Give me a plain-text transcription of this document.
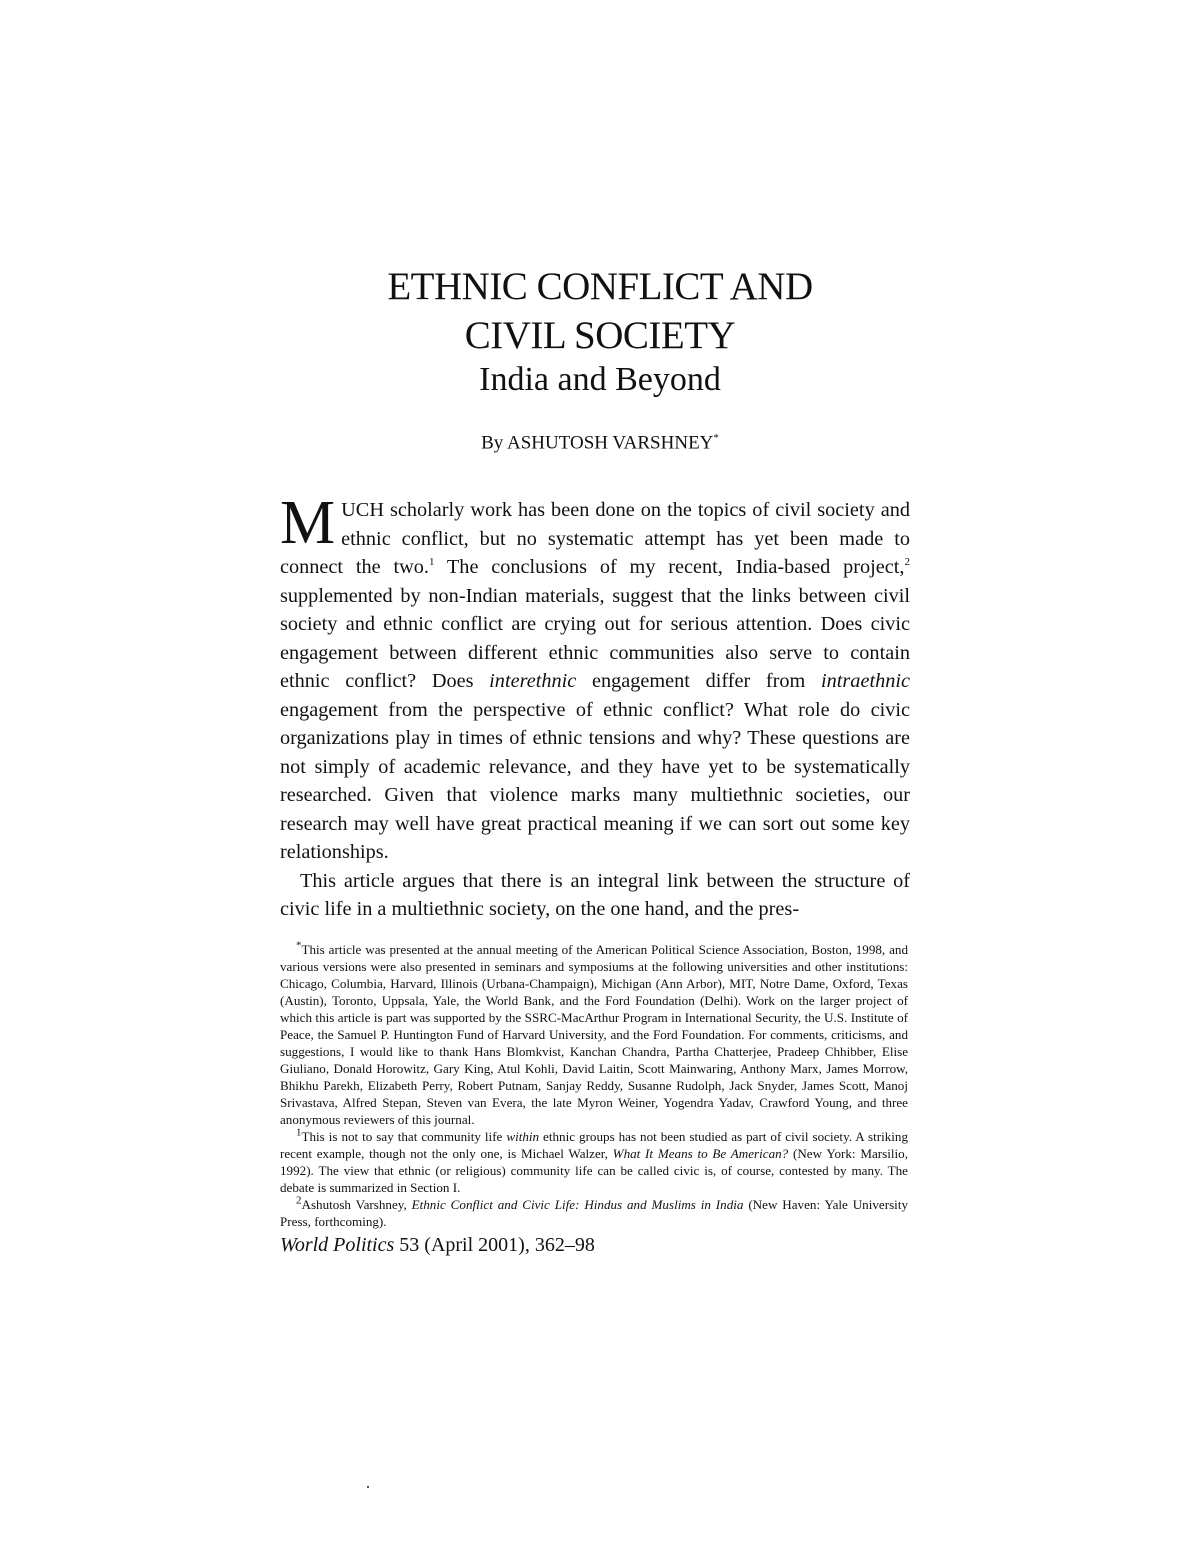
ETHNIC CONFLICT AND
CIVIL SOCIETY
India and Beyond
By ASHUTOSH VARSHNEY*

MUCH scholarly work has been done on the topics of civil society and ethnic conflict, but no systematic attempt has yet been made to connect the two.$^1$ The conclusions of my recent, India-based project,$^2$ supplemented by non-Indian materials, suggest that the links between civil society and ethnic conflict are crying out for serious attention. Does civic engagement between different ethnic communities also serve to contain ethnic conflict? Does interethnic engagement differ from intraethnic engagement from the perspective of ethnic conflict? What role do civic organizations play in times of ethnic tensions and why? These questions are not simply of academic relevance, and they have yet to be systematically researched. Given that violence marks many multiethnic societies, our research may well have great practical meaning if we can sort out some key relationships.

This article argues that there is an integral link between the structure of civic life in a multiethnic society, on the one hand, and the pres-

*This article was presented at the annual meeting of the American Political Science Association, Boston, 1998, and various versions were also presented in seminars and symposiums at the following universities and other institutions: Chicago, Columbia, Harvard, Illinois (Urbana-Champaign), Michigan (Ann Arbor), MIT, Notre Dame, Oxford, Texas (Austin), Toronto, Uppsala, Yale, the World Bank, and the Ford Foundation (Delhi). Work on the larger project of which this article is part was supported by the SSRC-MacArthur Program in International Security, the U.S. Institute of Peace, the Samuel P. Huntington Fund of Harvard University, and the Ford Foundation. For comments, criticisms, and suggestions, I would like to thank Hans Blomkvist, Kanchan Chandra, Partha Chatterjee, Pradeep Chhibber, Elise Giuliano, Donald Horowitz, Gary King, Atul Kohli, David Laitin, Scott Mainwaring, Anthony Marx, James Morrow, Bhikhu Parekh, Elizabeth Perry, Robert Putnam, Sanjay Reddy, Susanne Rudolph, Jack Snyder, James Scott, Manoj Srivastava, Alfred Stepan, Steven van Evera, the late Myron Weiner, Yogendra Yadav, Crawford Young, and three anonymous reviewers of this journal.

$^1$This is not to say that community life within ethnic groups has not been studied as part of civil society. A striking recent example, though not the only one, is Michael Walzer, What It Means to Be American? (New York: Marsilio, 1992). The view that ethnic (or religious) community life can be called civic is, of course, contested by many. The debate is summarized in Section I.

$^2$Ashutosh Varshney, Ethnic Conflict and Civic Life: Hindus and Muslims in India (New Haven: Yale University Press, forthcoming).

World Politics 53 (April 2001), 362–98
